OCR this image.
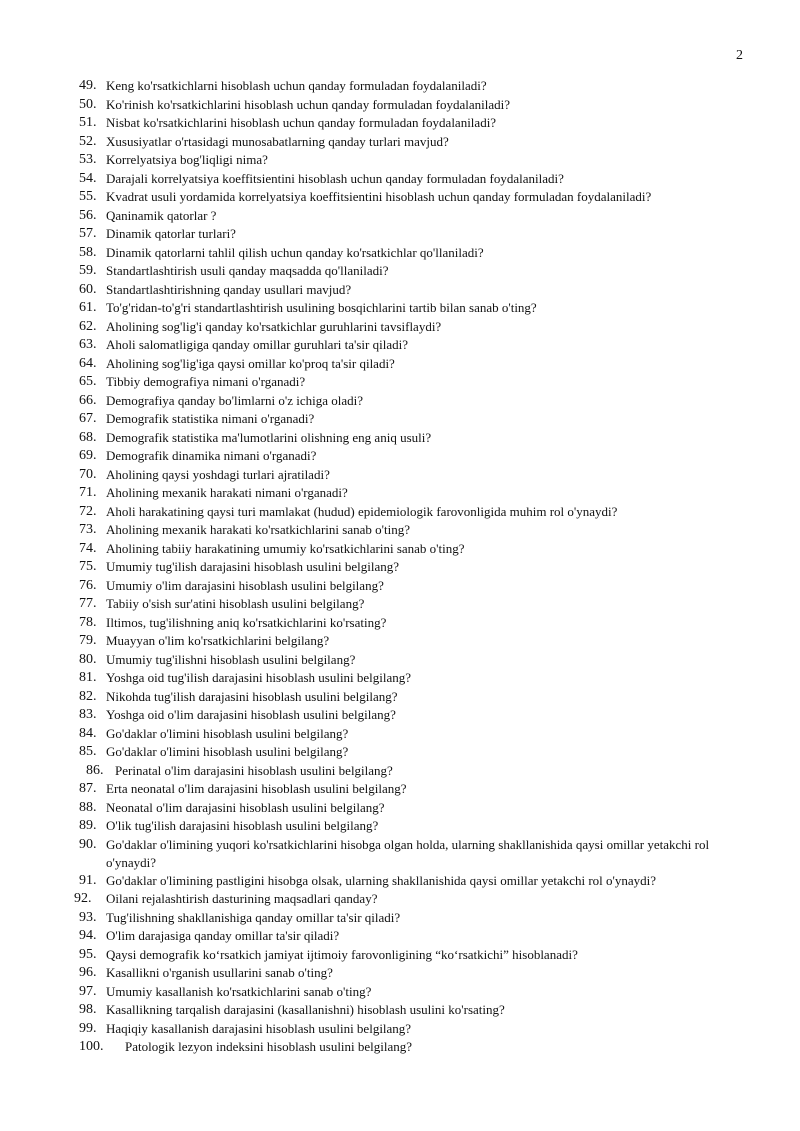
2
49. Keng ko'rsatkichlarni hisoblash uchun qanday formuladan foydalaniladi?
50. Ko'rinish ko'rsatkichlarini hisoblash uchun qanday formuladan foydalaniladi?
51. Nisbat ko'rsatkichlarini hisoblash uchun qanday formuladan foydalaniladi?
52. Xususiyatlar o'rtasidagi munosabatlarning qanday turlari mavjud?
53. Korrelyatsiya bog'liqligi nima?
54. Darajali korrelyatsiya koeffitsientini hisoblash uchun qanday formuladan foydalaniladi?
55. Kvadrat usuli yordamida korrelyatsiya koeffitsientini hisoblash uchun qanday formuladan foydalaniladi?
56. Qaninamik qatorlar ?
57. Dinamik qatorlar turlari?
58. Dinamik qatorlarni tahlil qilish uchun qanday ko'rsatkichlar qo'llaniladi?
59. Standartlashtirish usuli qanday maqsadda qo'llaniladi?
60. Standartlashtirishning qanday usullari mavjud?
61. To'g'ridan-to'g'ri standartlashtirish usulining bosqichlarini tartib bilan sanab o'ting?
62. Aholining sog'lig'i qanday ko'rsatkichlar guruhlarini tavsiflaydi?
63. Aholi salomatligiga qanday omillar guruhlari ta'sir qiladi?
64. Aholining sog'lig'iga qaysi omillar ko'proq ta'sir qiladi?
65. Tibbiy demografiya nimani o'rganadi?
66. Demografiya qanday bo'limlarni o'z ichiga oladi?
67. Demografik statistika nimani o'rganadi?
68. Demografik statistika ma'lumotlarini olishning eng aniq usuli?
69. Demografik dinamika nimani o'rganadi?
70. Aholining qaysi yoshdagi turlari ajratiladi?
71. Aholining mexanik harakati nimani o'rganadi?
72. Aholi harakatining qaysi turi mamlakat (hudud) epidemiologik farovonligida muhim rol o'ynaydi?
73. Aholining mexanik harakati ko'rsatkichlarini sanab o'ting?
74. Aholining tabiiy harakatining umumiy ko'rsatkichlarini sanab o'ting?
75. Umumiy tug'ilish darajasini hisoblash usulini belgilang?
76. Umumiy o'lim darajasini hisoblash usulini belgilang?
77. Tabiiy o'sish sur'atini hisoblash usulini belgilang?
78. Iltimos, tug'ilishning aniq ko'rsatkichlarini ko'rsating?
79. Muayyan o'lim ko'rsatkichlarini belgilang?
80. Umumiy tug'ilishni hisoblash usulini belgilang?
81. Yoshga oid tug'ilish darajasini hisoblash usulini belgilang?
82. Nikohda tug'ilish darajasini hisoblash usulini belgilang?
83. Yoshga oid o'lim darajasini hisoblash usulini belgilang?
84. Go'daklar o'limini hisoblash usulini belgilang?
85. Go'daklar o'limini hisoblash usulini belgilang?
86. Perinatal o'lim darajasini hisoblash usulini belgilang?
87. Erta neonatal o'lim darajasini hisoblash usulini belgilang?
88. Neonatal o'lim darajasini hisoblash usulini belgilang?
89. O'lik tug'ilish darajasini hisoblash usulini belgilang?
90. Go'daklar o'limining yuqori ko'rsatkichlarini hisobga olgan holda, ularning shakllanishida qaysi omillar yetakchi rol o'ynaydi?
91. Go'daklar o'limining pastligini hisobga olsak, ularning shakllanishida qaysi omillar yetakchi rol o'ynaydi?
92.	Oilani rejalashtirish dasturining maqsadlari qanday?
93. Tug'ilishning shakllanishiga qanday omillar ta'sir qiladi?
94. O'lim darajasiga qanday omillar ta'sir qiladi?
95. Qaysi demografik ko‘rsatkich jamiyat ijtimoiy farovonligining “ko‘rsatkichi” hisoblanadi?
96. Kasallikni o'rganish usullarini sanab o'ting?
97. Umumiy kasallanish ko'rsatkichlarini sanab o'ting?
98. Kasallikning tarqalish darajasini (kasallanishni) hisoblash usulini ko'rsating?
99. Haqiqiy kasallanish darajasini hisoblash usulini belgilang?
100.	Patologik lezyon indeksini hisoblash usulini belgilang?
